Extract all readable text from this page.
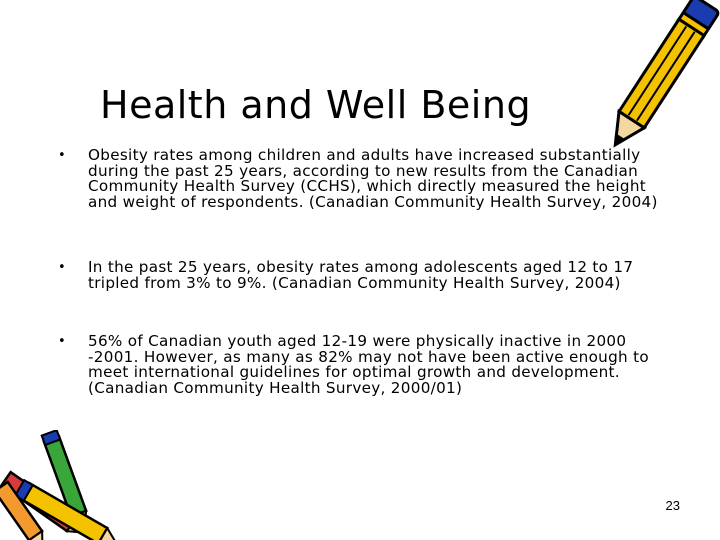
Health and Well Being
• Obesity rates among children and adults have increased substantially during the past 25 years, according to new results from the Canadian Community Health Survey (CCHS), which directly measured the height and weight of respondents. (Canadian Community Health Survey, 2004)
• In the past 25 years, obesity rates among adolescents aged 12 to 17 tripled from 3% to 9%. (Canadian Community Health Survey, 2004)
• 56% of Canadian youth aged 12-19 were physically inactive in 2000 -2001. However, as many as 82% may not have been active enough to meet international guidelines for optimal growth and development. (Canadian Community Health Survey, 2000/01)
23
